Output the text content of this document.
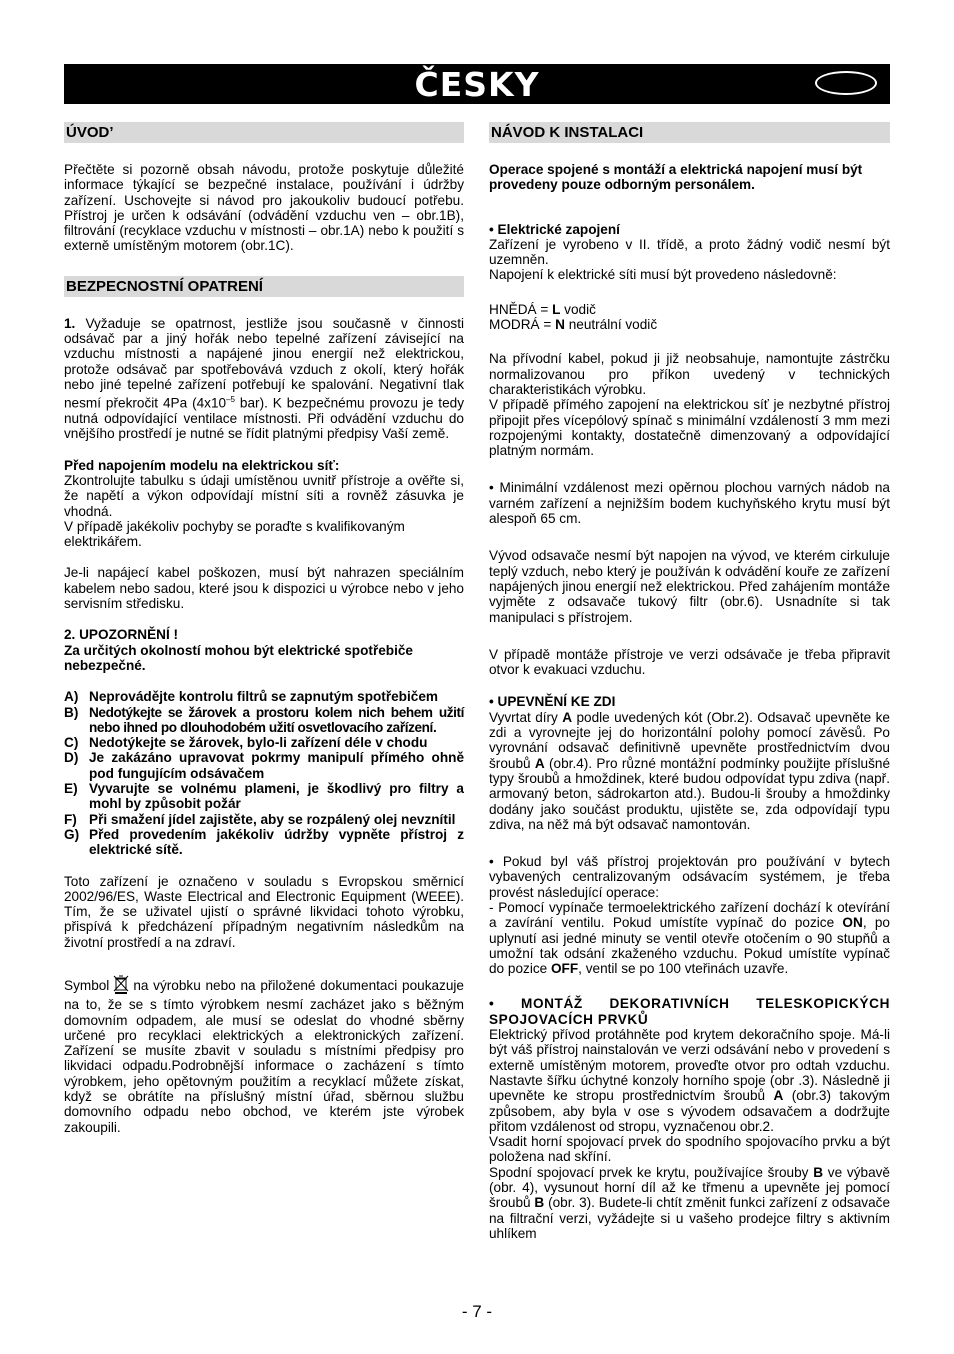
ČESKY
ÚVOD’

Přečtěte si pozorně obsah návodu, protože poskytuje důležité informace týkající se bezpečné instalace, používání i údržby zařízení. Uschovejte si návod pro jakoukoliv budoucí potřebu. Přístroj je určen k odsávání (odvádění vzduchu ven – obr.1B), filtrování (recyklace vzduchu v místnosti – obr.1A) nebo k použití s externě umístěným motorem (obr.1C).

BEZPECNOSTNÍ OPATRENÍ

1. Vyžaduje se opatrnost, jestliže jsou současně v činnosti odsávač par a jiný hořák nebo tepelné zařízení závisející na vzduchu místnosti a napájené jinou energií než elektrickou, protože odsávač par spotřebovává vzduch z okolí, který hořák nebo jiné tepelné zařízení potřebují ke spalování. Negativní tlak nesmí překročit 4Pa ($4x10^{-5}$ bar). K bezpečnému provozu je tedy nutná odpovídající ventilace místnosti. Při odvádění vzduchu do vnějšího prostředí je nutné se řídit platnými předpisy Vaší země.

Před napojením modelu na elektrickou síť:

Zkontrolujte tabulku s údaji umístěnou uvnitř přístroje a ověřte si, že napětí a výkon odpovídají místní síti a rovněž zásuvka je vhodná.

V případě jakékoliv pochyby se poraďte s kvalifikovaným elektrikářem.

Je-li napájecí kabel poškozen, musí být nahrazen speciálním kabelem nebo sadou, které jsou k dispozici u výrobce nebo v jeho servisním středisku.

2. UPOZORNĚNÍ !

Za určitých okolností mohou být elektrické spotřebiče nebezpečné.

A) Neprovádějte kontrolu filtrů se zapnutým spotřebičem
B) Nedotýkejte se žárovek a prostoru kolem nich behem užití nebo ihned po dlouhodobém užití osvetlovacího zařízení.
C) Nedotýkejte se žárovek, bylo-li zařízení déle v chodu
D) Je zakázáno upravovat pokrmy manipulí přímého ohně pod fungujícím odsávačem
E) Vyvarujte se volnému plameni, je škodlivý pro filtry a mohl by způsobit požár
F) Při smažení jídel zajistěte, aby se rozpálený olej nevznítil
G) Před provedením jakékoliv údržby vypněte přístroj z elektrické sítě.

Toto zařízení je označeno v souladu s Evropskou směrnicí 2002/96/ES, Waste Electrical and Electronic Equipment (WEEE). Tím, že se uživatel ujistí o správné likvidaci tohoto výrobku, přispívá k předcházení případným negativním následkům na životní prostředí a na zdraví.

Symbol na výrobku nebo na přiložené dokumentaci poukazuje na to, že se s tímto výrobkem nesmí zacházet jako s běžným domovním odpadem, ale musí se odeslat do vhodné sběrny určené pro recyklaci elektrických a elektronických zařízení. Zařízení se musíte zbavit v souladu s místními předpisy pro likvidaci odpadu.Podrobnější informace o zacházení s tímto výrobkem, jeho opětovným použitím a recyklací můžete získat, když se obrátíte na příslušný místní úřad, sběrnou službu domovního odpadu nebo obchod, ve kterém jste výrobek zakoupili.

NÁVOD K INSTALACI

Operace spojené s montáží a elektrická napojení musí být provedeny pouze odborným personálem.

• Elektrické zapojení

Zařízení je vyrobeno v II. třídě, a proto žádný vodič nesmí být uzemněn.

Napojení k elektrické síti musí být provedeno následovně:

HNĚDÁ = L vodič

MODRÁ = N neutrální vodič

Na přívodní kabel, pokud ji již neobsahuje, namontujte zástrčku normalizovanou pro příkon uvedený v technických charakteristikách výrobku.

V případě přímého zapojení na elektrickou síť je nezbytné přístroj připojit přes vícepólový spínač s minimální vzdáleností 3 mm mezi rozpojenými kontakty, dostatečně dimenzovaný a odpovídající platným normám.

• Minimální vzdálenost mezi opěrnou plochou varných nádob na varném zařízení a nejnižším bodem kuchyňského krytu musí být alespoň 65 cm.

Vývod odsavače nesmí být napojen na vývod, ve kterém cirkuluje teplý vzduch, nebo který je používán k odvádění kouře ze zařízení napájených jinou energií než elektrickou. Před zahájením montáže vyjměte z odsavače tukový filtr (obr.6). Usnadníte si tak manipulaci s přístrojem.

V případě montáže přístroje ve verzi odsávače je třeba připravit otvor k evakuaci vzduchu.

• UPEVNĚNÍ KE ZDI

Vyvrtat díry A podle uvedených kót (Obr.2). Odsavač upevněte ke zdi a vyrovnejte jej do horizontální polohy pomocí závěsů. Po vyrovnání odsavač definitivně upevněte prostřednictvím dvou šroubů A (obr.4). Pro různé montážní podmínky použijte příslušné typy šroubů a hmoždinek, které budou odpovídat typu zdiva (např. armovaný beton, sádrokarton atd.). Budou-li šrouby a hmoždinky dodány jako součást produktu, ujistěte se, zda odpovídají typu zdiva, na něž má být odsavač namontován.

• Pokud byl váš přístroj projektován pro používání v bytech vybavených centralizovaným odsávacím systémem, je třeba provést následující operace:

- Pomocí vypínače termoelektrického zařízení dochází k otevírání a zavírání ventilu. Pokud umístíte vypínač do pozice ON, po uplynutí asi jedné minuty se ventil otevře otočením o 90 stupňů a umožní tak odsání zkaženého vzduchu. Pokud umístíte vypínač do pozice OFF, ventil se po 100 vteřinách uzavře.

• MONTÁŽ DEKORATIVNÍCH TELESKOPICKÝCH SPOJOVACÍCH PRVKŮ

Elektrický přívod protáhněte pod krytem dekoračního spoje. Má-li být váš přístroj nainstalován ve verzi odsávání nebo v provedení s externě umístěným motorem, proveďte otvor pro odtah vzduchu. Nastavte šířku úchytné konzoly horního spoje (obr .3). Následně ji upevněte ke stropu prostřednictvím šroubů A (obr.3) takovým způsobem, aby byla v ose s vývodem odsavačem a dodržujte přitom vzdálenost od stropu, vyznačenou obr.2.

Vsadit horní spojovací prvek do spodního spojovacího prvku a být položena nad skříní.

Spodní spojovací prvek ke krytu, používajíce šrouby B ve výbavě (obr. 4), vysunout horní díl až ke třmenu a upevněte jej pomocí šroubů B (obr. 3). Budete-li chtít změnit funkci zařízení z odsavače na filtrační verzi, vyžádejte si u vašeho prodejce filtry s aktivním uhlíkem

- 7 -
